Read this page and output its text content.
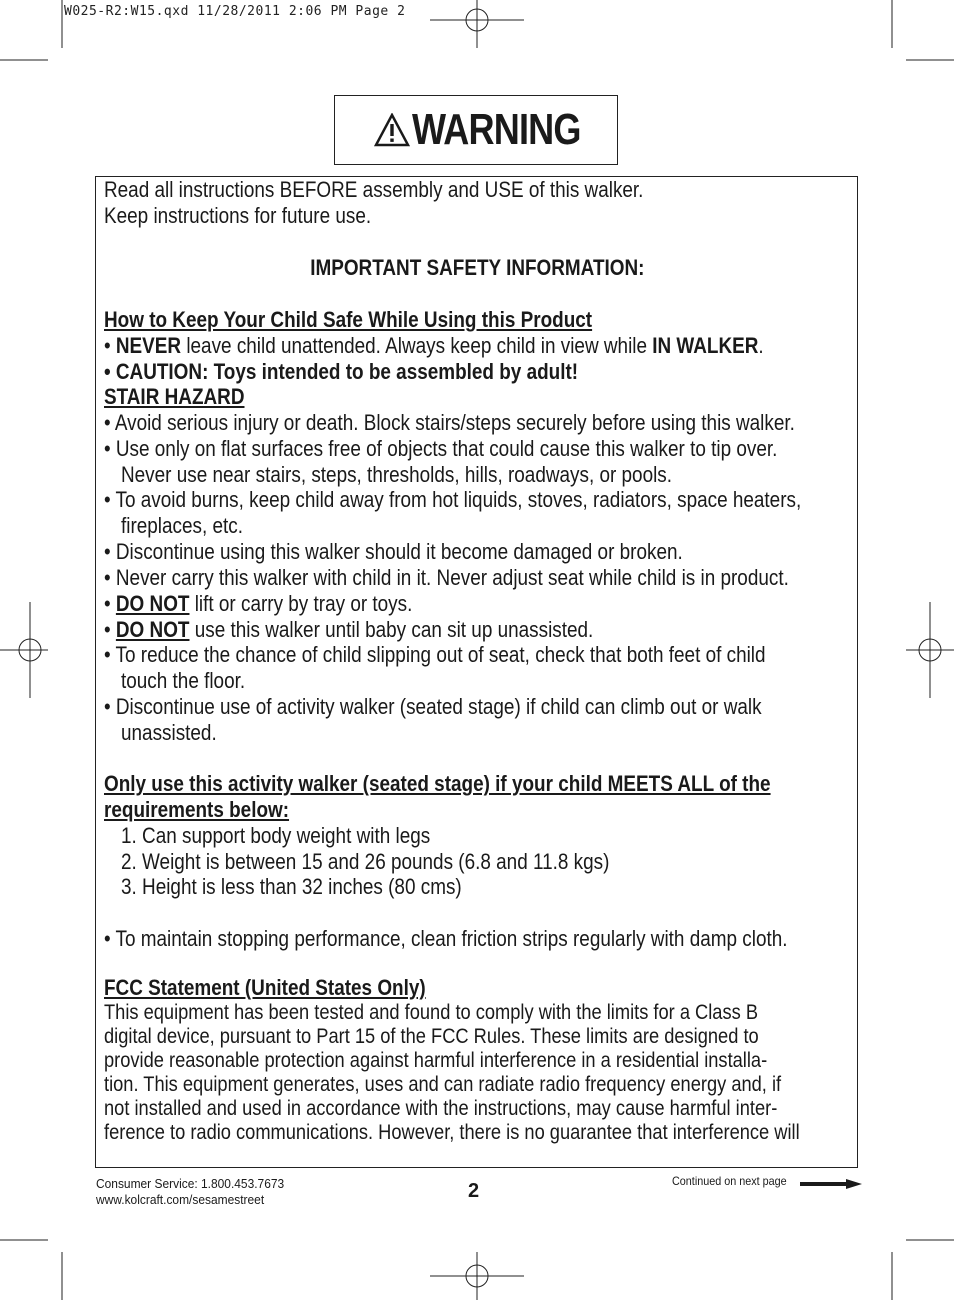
W025-R2:W15.qxd 11/28/2011 2:06 PM Page 2
WARNING
Read all instructions BEFORE assembly and USE of this walker.
Keep instructions for future use.
IMPORTANT SAFETY INFORMATION:
How to Keep Your Child Safe While Using this Product
• NEVER leave child unattended. Always keep child in view while IN WALKER.
• CAUTION: Toys intended to be assembled by adult!
STAIR HAZARD
• Avoid serious injury or death. Block stairs/steps securely before using this walker.
• Use only on flat surfaces free of objects that could cause this walker to tip over.
Never use near stairs, steps, thresholds, hills, roadways, or pools.
• To avoid burns, keep child away from hot liquids, stoves, radiators, space heaters,
fireplaces, etc.
• Discontinue using this walker should it become damaged or broken.
• Never carry this walker with child in it. Never adjust seat while child is in product.
• DO NOT lift or carry by tray or toys.
• DO NOT use this walker until baby can sit up unassisted.
• To reduce the chance of child slipping out of seat, check that both feet of child
touch the floor.
• Discontinue use of activity walker (seated stage) if child can climb out or walk
unassisted.
Only use this activity walker (seated stage) if your child MEETS ALL of the
requirements below:
1. Can support body weight with legs
2. Weight is between 15 and 26 pounds (6.8 and 11.8 kgs)
3. Height is less than 32 inches (80 cms)
• To maintain stopping performance, clean friction strips regularly with damp cloth.
FCC Statement (United States Only)
This equipment has been tested and found to comply with the limits for a Class B
digital device, pursuant to Part 15 of the FCC Rules. These limits are designed to
provide reasonable protection against harmful interference in a residential installa-
tion. This equipment generates, uses and can radiate radio frequency energy and, if
not installed and used in accordance with the instructions, may cause harmful inter-
ference to radio communications. However, there is no guarantee that interference will
Consumer Service: 1.800.453.7673
www.kolcraft.com/sesamestreet	2	Continued on next page
